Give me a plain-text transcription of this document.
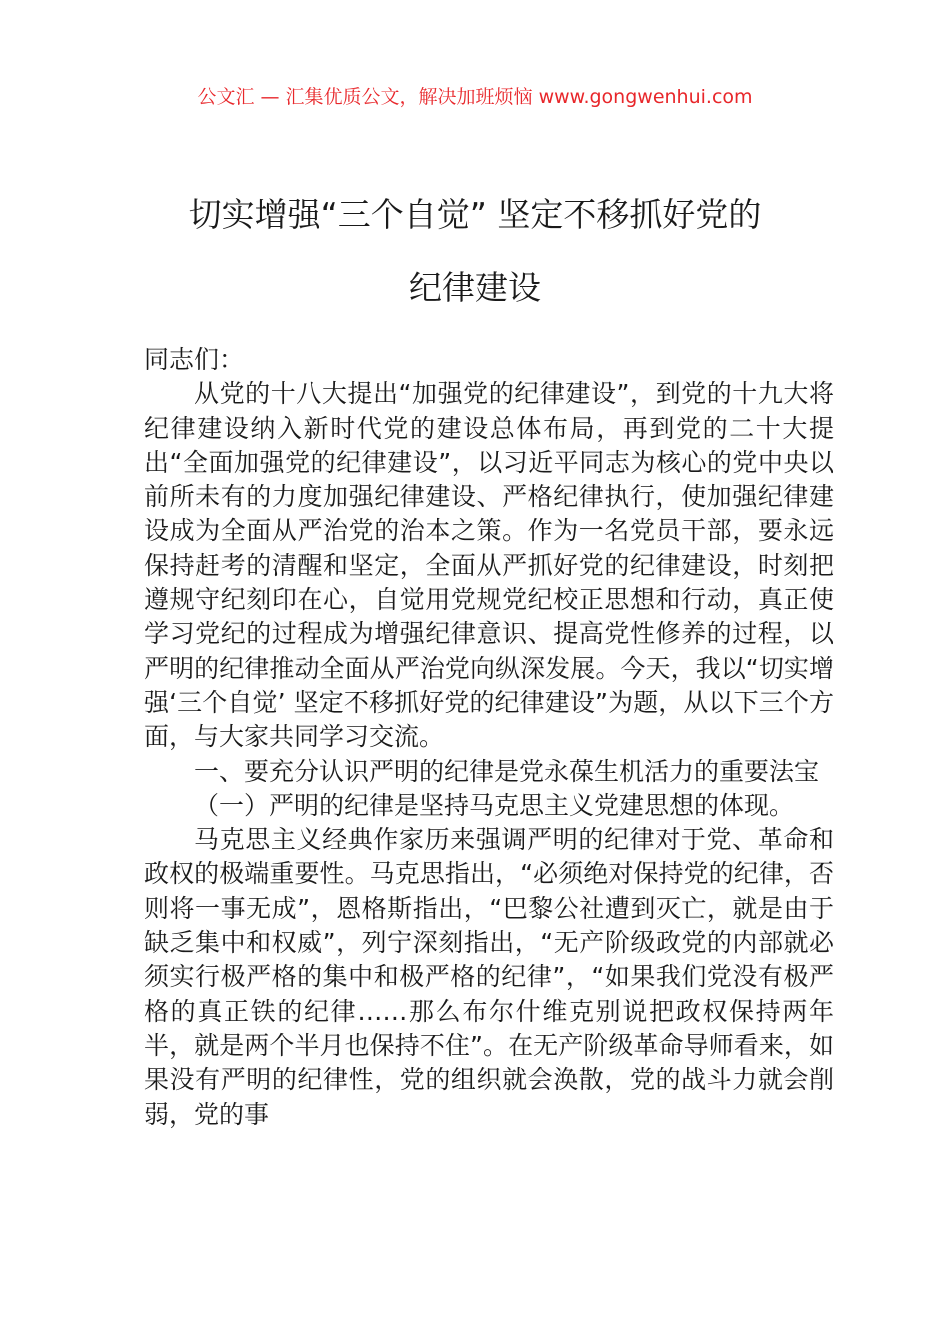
公文汇 — 汇集优质公文，解决加班烦恼 www.gongwenhui.com
切实增强“三个自觉” 坚定不移抓好党的
纪律建设

同志们：

从党的十八大提出“加强党的纪律建设”，到党的十九大将纪律建设纳入新时代党的建设总体布局，再到党的二十大提出“全面加强党的纪律建设”，以习近平同志为核心的党中央以前所未有的力度加强纪律建设、严格纪律执行，使加强纪律建设成为全面从严治党的治本之策。作为一名党员干部，要永远保持赶考的清醒和坚定，全面从严抓好党的纪律建设，时刻把遵规守纪刻印在心，自觉用党规党纪校正思想和行动，真正使学习党纪的过程成为增强纪律意识、提高党性修养的过程，以严明的纪律推动全面从严治党向纵深发展。今天，我以“切实增强‘三个自觉’ 坚定不移抓好党的纪律建设”为题，从以下三个方面，与大家共同学习交流。

一、要充分认识严明的纪律是党永葆生机活力的重要法宝

（一）严明的纪律是坚持马克思主义党建思想的体现。

马克思主义经典作家历来强调严明的纪律对于党、革命和政权的极端重要性。马克思指出，“必须绝对保持党的纪律，否则将一事无成”，恩格斯指出，“巴黎公社遭到灭亡，就是由于缺乏集中和权威”，列宁深刻指出，“无产阶级政党的内部就必须实行极严格的集中和极严格的纪律”，“如果我们党没有极严格的真正铁的纪律……那么布尔什维克别说把政权保持两年半，就是两个半月也保持不住”。在无产阶级革命导师看来，如果没有严明的纪律性，党的组织就会涣散，党的战斗力就会削弱，党的事
